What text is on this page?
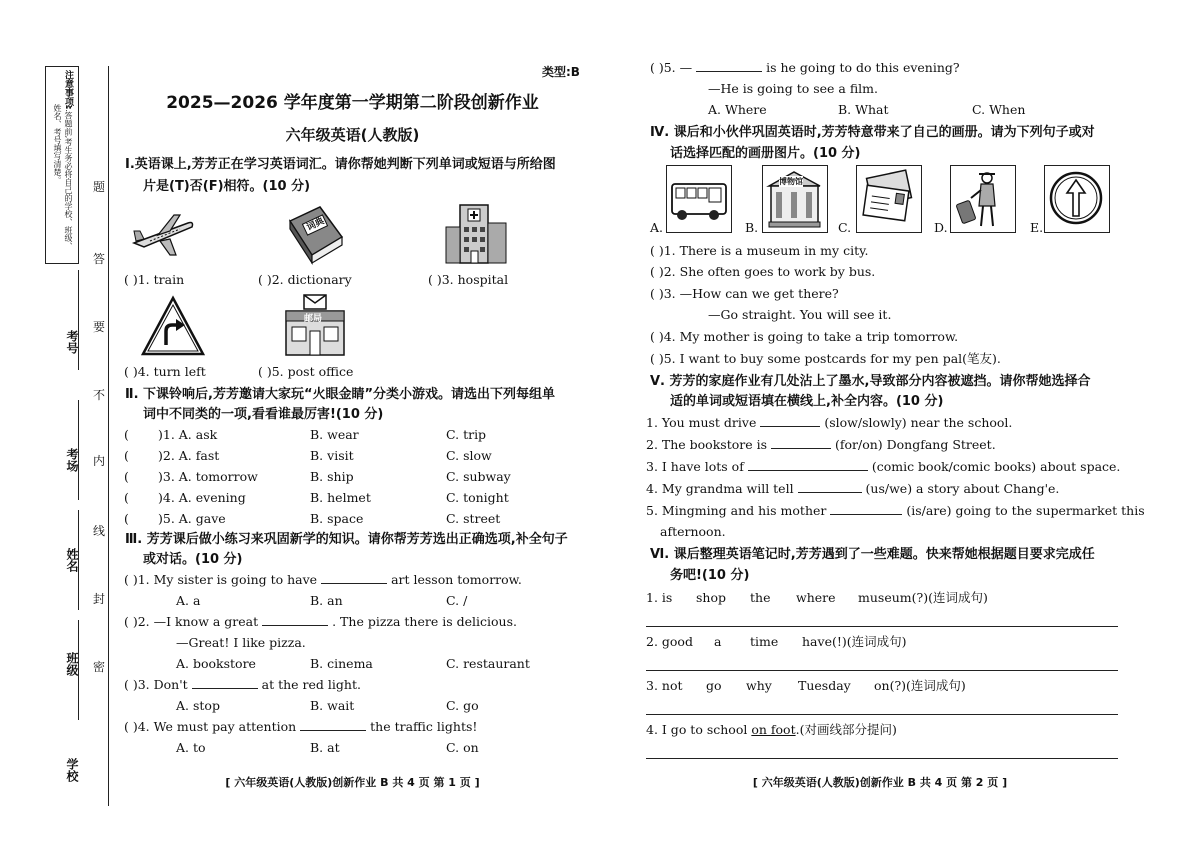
注意事项:
1.答题前,考生务必将自己的学校、班级、姓名、考号填写清楚。
题
答
要
不
内
线
封
密
考号
考场
姓名
班级
学校
类型:B
2025—2026 学年度第一学期第二阶段创新作业
六年级英语(人教版)
Ⅰ.英语课上,芳芳正在学习英语词汇。请你帮她判断下列单词或短语与所给图
片是(T)否(F)相符。(10 分)
词典
( )1. train	( )2. dictionary	( )3. hospital
邮局
( )4. turn left	( )5. post office
Ⅱ. 下课铃响后,芳芳邀请大家玩“火眼金睛”分类小游戏。请选出下列每组单
词中不同类的一项,看看谁最厉害!(10 分)
( )1. A. ask	B. wear	C. trip
( )2. A. fast	B. visit	C. slow
( )3. A. tomorrow	B. ship	C. subway
( )4. A. evening	B. helmet	C. tonight
( )5. A. gave	B. space	C. street
Ⅲ. 芳芳课后做小练习来巩固新学的知识。请你帮芳芳选出正确选项,补全句子
或对话。(10 分)
( )1. My sister is going to have	art lesson tomorrow.
A. a	B. an	C. /
( )2. —I know a great	. The pizza there is delicious.
—Great! I like pizza.
A. bookstore	B. cinema	C. restaurant
( )3. Don't	at the red light.
A. stop	B. wait	C. go
( )4. We must pay attention	the traffic lights!
A. to	B. at	C. on
[ 六年级英语(人教版)创新作业 B 共 4 页 第 1 页 ]
( )5. —	is he going to do this evening?
—He is going to see a film.
A. Where	B. What	C. When
Ⅳ. 课后和小伙伴巩固英语时,芳芳特意带来了自己的画册。请为下列句子或对
话选择匹配的画册图片。(10 分)
博物馆
A.	B.	C.	D.	E.
( )1. There is a museum in my city.
( )2. She often goes to work by bus.
( )3. —How can we get there?
—Go straight. You will see it.
( )4. My mother is going to take a trip tomorrow.
( )5. I want to buy some postcards for my pen pal(笔友).
Ⅴ. 芳芳的家庭作业有几处沾上了墨水,导致部分内容被遮挡。请你帮她选择合
适的单词或短语填在横线上,补全内容。(10 分)
1. You must drive	(slow/slowly) near the school.
2. The bookstore is	(for/on) Dongfang Street.
3. I have lots of	(comic book/comic books) about space.
4. My grandma will tell	(us/we) a story about Chang'e.
5. Mingming and his mother	(is/are) going to the supermarket this
afternoon.
Ⅵ. 课后整理英语笔记时,芳芳遇到了一些难题。快来帮她根据题目要求完成任
务吧!(10 分)
1. is shop the where museum(?)(连词成句)
2. good a time have(!)(连词成句)
3. not go why Tuesday on(?)(连词成句)
4. I go to school on foot.(对画线部分提问)
[ 六年级英语(人教版)创新作业 B 共 4 页 第 2 页 ]
